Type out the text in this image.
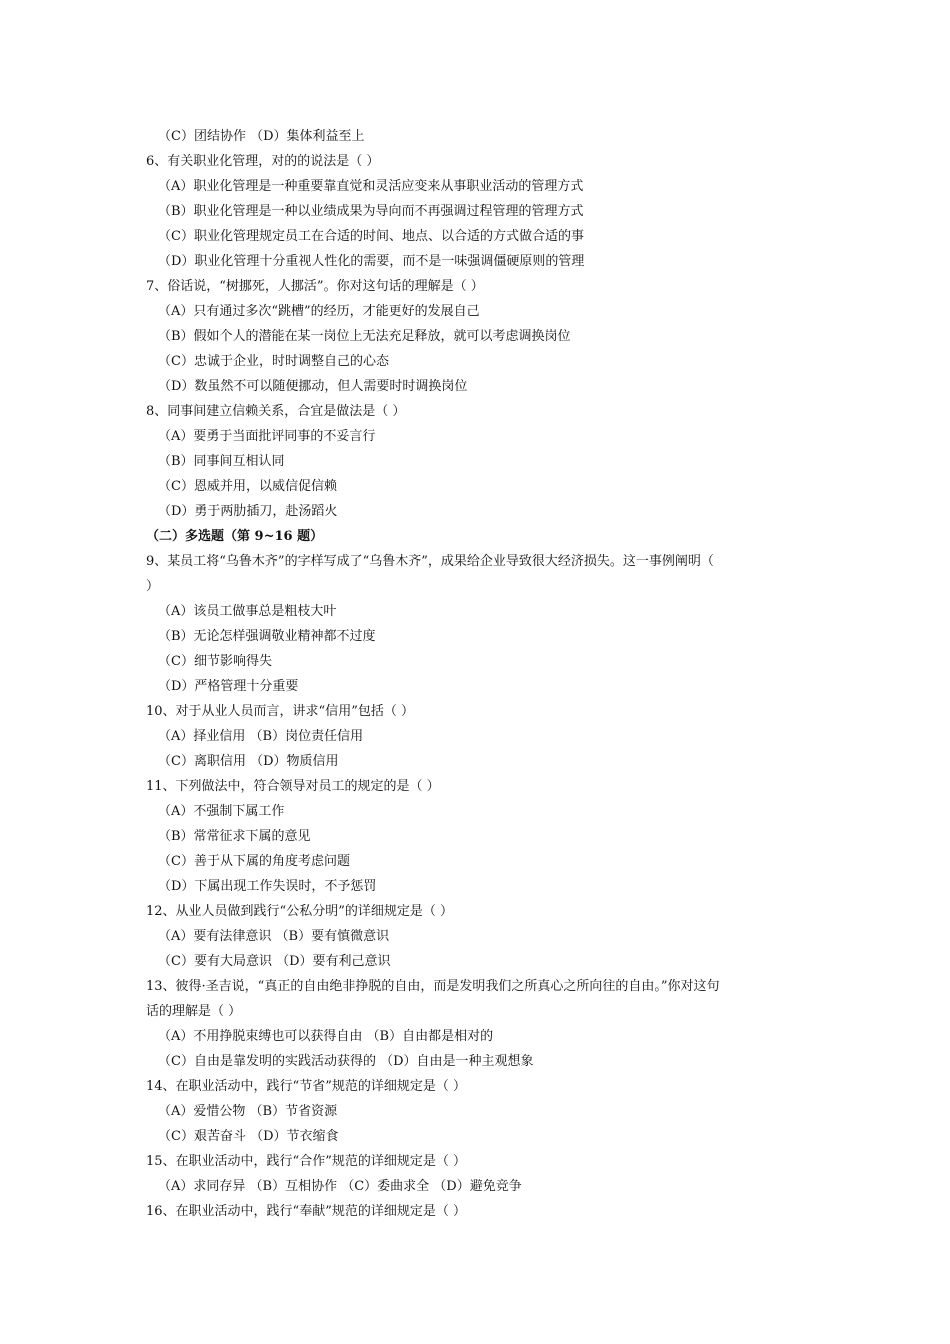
（C）团结协作 （D）集体利益至上
6、有关职业化管理，对的的说法是（ ）
（A）职业化管理是一种重要靠直觉和灵活应变来从事职业活动的管理方式
（B）职业化管理是一种以业绩成果为导向而不再强调过程管理的管理方式
（C）职业化管理规定员工在合适的时间、地点、以合适的方式做合适的事
（D）职业化管理十分重视人性化的需要，而不是一味强调僵硬原则的管理
7、俗话说，“树挪死，人挪活”。你对这句话的理解是（ ）
（A）只有通过多次“跳槽”的经历，才能更好的发展自己
（B）假如个人的潜能在某一岗位上无法充足释放，就可以考虑调换岗位
（C）忠诚于企业，时时调整自己的心态
（D）数虽然不可以随便挪动，但人需要时时调换岗位
8、同事间建立信赖关系，合宜是做法是（ ）
（A）要勇于当面批评同事的不妥言行
（B）同事间互相认同
（C）恩威并用，以威信促信赖
（D）勇于两肋插刀，赴汤蹈火
（二）多选题（第 9~16 题）
9、某员工将“乌鲁木齐”的字样写成了“乌鲁木齐”，成果给企业导致很大经济损失。这一事例阐明（
）
（A）该员工做事总是粗枝大叶
（B）无论怎样强调敬业精神都不过度
（C）细节影响得失
（D）严格管理十分重要
10、对于从业人员而言，讲求“信用”包括（ ）
（A）择业信用 （B）岗位责任信用
（C）离职信用 （D）物质信用
11、下列做法中，符合领导对员工的规定的是（ ）
（A）不强制下属工作
（B）常常征求下属的意见
（C）善于从下属的角度考虑问题
（D）下属出现工作失误时，不予惩罚
12、从业人员做到践行“公私分明”的详细规定是（ ）
（A）要有法律意识 （B）要有慎微意识
（C）要有大局意识 （D）要有利己意识
13、彼得·圣吉说，“真正的自由绝非挣脱的自由，而是发明我们之所真心之所向往的自由。”你对这句
话的理解是（ ）
（A）不用挣脱束缚也可以获得自由 （B）自由都是相对的
（C）自由是靠发明的实践活动获得的 （D）自由是一种主观想象
14、在职业活动中，践行“节省”规范的详细规定是（ ）
（A）爱惜公物 （B）节省资源
（C）艰苦奋斗 （D）节衣缩食
15、在职业活动中，践行“合作”规范的详细规定是（ ）
（A）求同存异 （B）互相协作 （C）委曲求全 （D）避免竞争
16、在职业活动中，践行“奉献”规范的详细规定是（ ）
